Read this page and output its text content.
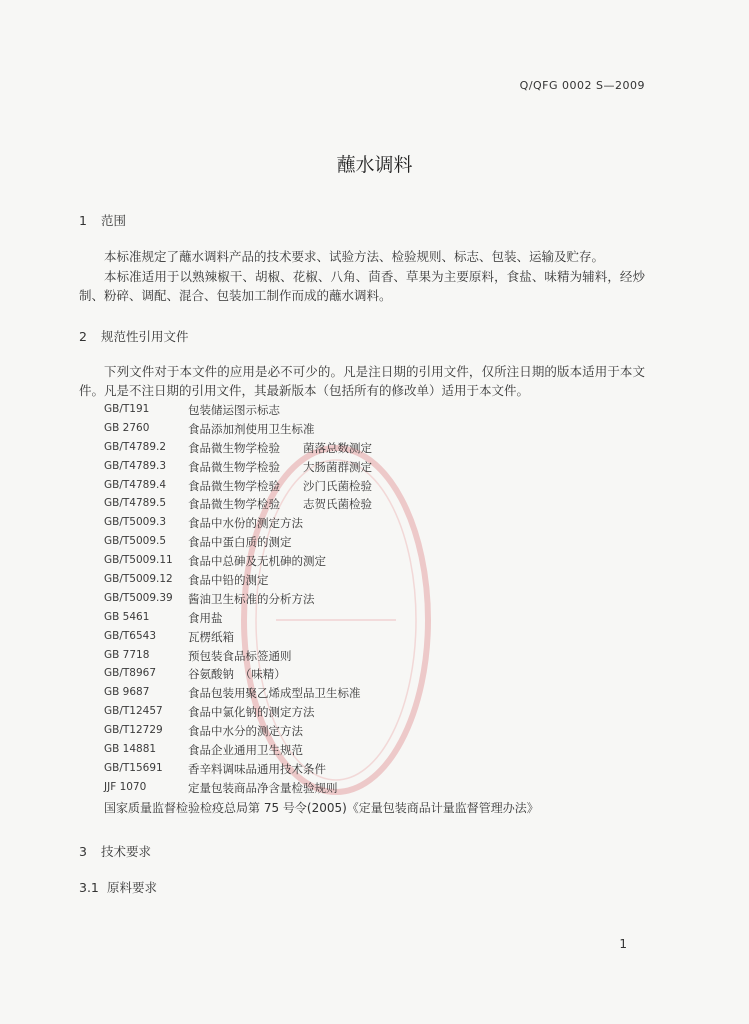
Q/QFG 0002 S—2009
蘸水调料
1 范围
本标准规定了蘸水调料产品的技术要求、试验方法、检验规则、标志、包装、运输及贮存。
本标准适用于以熟辣椒干、胡椒、花椒、八角、茴香、草果为主要原料，食盐、味精为辅料，经炒制、粉碎、调配、混合、包装加工制作而成的蘸水调料。
2 规范性引用文件
下列文件对于本文件的应用是必不可少的。凡是注日期的引用文件，仅所注日期的版本适用于本文件。凡是不注日期的引用文件，其最新版本（包括所有的修改单）适用于本文件。
GB/T191	包装储运图示标志
GB 2760	食品添加剂使用卫生标准
GB/T4789.2	食品微生物学检验　　菌落总数测定
GB/T4789.3	食品微生物学检验　　大肠菌群测定
GB/T4789.4	食品微生物学检验　　沙门氏菌检验
GB/T4789.5	食品微生物学检验　　志贺氏菌检验
GB/T5009.3	食品中水份的测定方法
GB/T5009.5	食品中蛋白质的测定
GB/T5009.11	食品中总砷及无机砷的测定
GB/T5009.12	食品中铅的测定
GB/T5009.39	酱油卫生标准的分析方法
GB 5461	食用盐
GB/T6543	瓦楞纸箱
GB 7718	预包装食品标签通则
GB/T8967	谷氨酸钠　（味精）
GB 9687	食品包装用聚乙烯成型品卫生标准
GB/T12457	食品中氯化钠的测定方法
GB/T12729	食品中水分的测定方法
GB 14881	食品企业通用卫生规范
GB/T15691	香辛料调味品通用技术条件
JJF 1070	定量包装商品净含量检验规则
国家质量监督检验检疫总局第 75 号令(2005)《定量包装商品计量监督管理办法》
3 技术要求
3.1 原料要求
1
